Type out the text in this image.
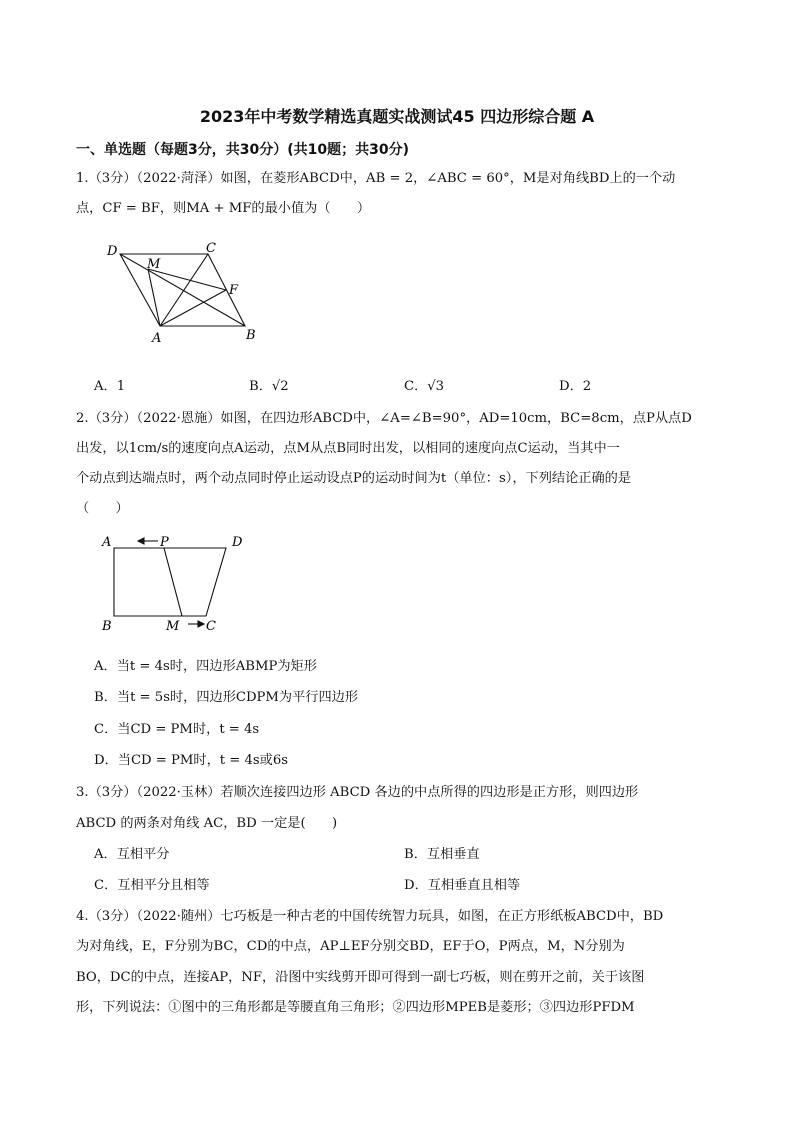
2023年中考数学精选真题实战测试45 四边形综合题 A
一、单选题（每题3分，共30分）(共10题；共30分)
1.（3分）（2022·菏泽）如图，在菱形ABCD中，AB = 2，∠ABC = 60°，M是对角线BD上的一个动
点，CF = BF，则MA + MF的最小值为（　　）
D	C
M
F
A	B
A．1	B．√2	C．√3	D．2
2.（3分）（2022·恩施）如图，在四边形ABCD中，∠A=∠B=90°，AD=10cm，BC=8cm，点P从点D
出发，以1cm/s的速度向点A运动，点M从点B同时出发，以相同的速度向点C运动，当其中一
个动点到达端点时，两个动点同时停止运动设点P的运动时间为t（单位：s），下列结论正确的是
（　　）
A	P	D
B	M C
A．当t = 4s时，四边形ABMP为矩形
B．当t = 5s时，四边形CDPM为平行四边形
C．当CD = PM时，t = 4s
D．当CD = PM时，t = 4s或6s
3.（3分）（2022·玉林）若顺次连接四边形 ABCD 各边的中点所得的四边形是正方形，则四边形
ABCD 的两条对角线 AC，BD 一定是(　　)
A．互相平分	B．互相垂直
C．互相平分且相等	D．互相垂直且相等
4.（3分）（2022·随州）七巧板是一种古老的中国传统智力玩具，如图，在正方形纸板ABCD中，BD
为对角线，E，F分别为BC，CD的中点，AP⊥EF分别交BD，EF于O，P两点，M，N分别为
BO，DC的中点，连接AP，NF，沿图中实线剪开即可得到一副七巧板，则在剪开之前，关于该图
形，下列说法：①图中的三角形都是等腰直角三角形；②四边形MPEB是菱形；③四边形PFDM
